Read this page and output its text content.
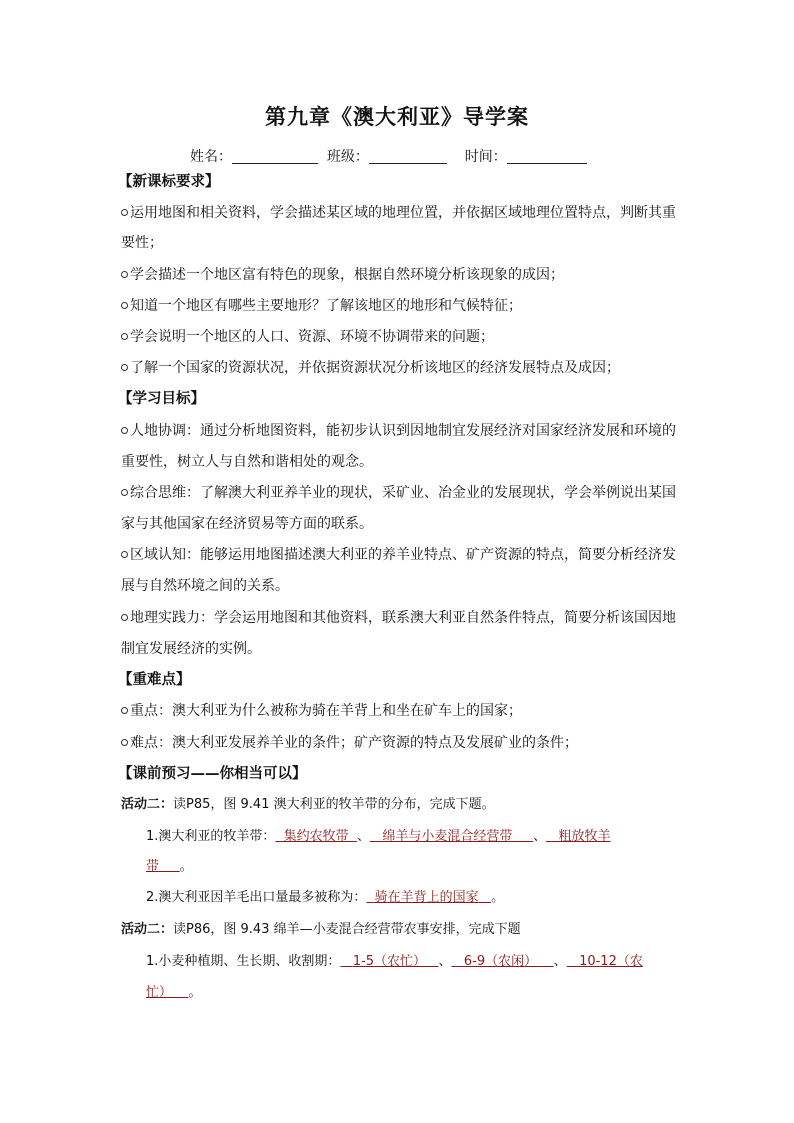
第九章《澳大利亚》导学案
姓名：	班级：	时间：
【新课标要求】
运用地图和相关资料，学会描述某区域的地理位置，并依据区域地理位置特点，判断其重
要性；
学会描述一个地区富有特色的现象，根据自然环境分析该现象的成因；
知道一个地区有哪些主要地形？了解该地区的地形和气候特征；
学会说明一个地区的人口、资源、环境不协调带来的问题；
了解一个国家的资源状况，并依据资源状况分析该地区的经济发展特点及成因；
【学习目标】
人地协调：通过分析地图资料，能初步认识到因地制宜发展经济对国家经济发展和环境的
重要性，树立人与自然和谐相处的观念。
综合思维：了解澳大利亚养羊业的现状，采矿业、冶金业的发展现状，学会举例说出某国
家与其他国家在经济贸易等方面的联系。
区域认知：能够运用地图描述澳大利亚的养羊业特点、矿产资源的特点，简要分析经济发
展与自然环境之间的关系。
地理实践力：学会运用地图和其他资料，联系澳大利亚自然条件特点，简要分析该国因地
制宜发展经济的实例。
【重难点】
重点：澳大利亚为什么被称为骑在羊背上和坐在矿车上的国家；
难点：澳大利亚发展养羊业的条件；矿产资源的特点及发展矿业的条件；
【课前预习——你相当可以】
活动二：读P85，图 9.41 澳大利亚的牧羊带的分布，完成下题。
1.澳大利亚的牧羊带： 集约农牧带 、 绵羊与小麦混合经营带 、 粗放牧羊
带 。
2.澳大利亚因羊毛出口量最多被称为： 骑在羊背上的国家 。
活动二：读P86，图 9.43 绵羊—小麦混合经营带农事安排，完成下题
1.小麦种植期、生长期、收割期： 1-5（农忙） 、 6-9（农闲） 、 10-12（农
忙） 。
